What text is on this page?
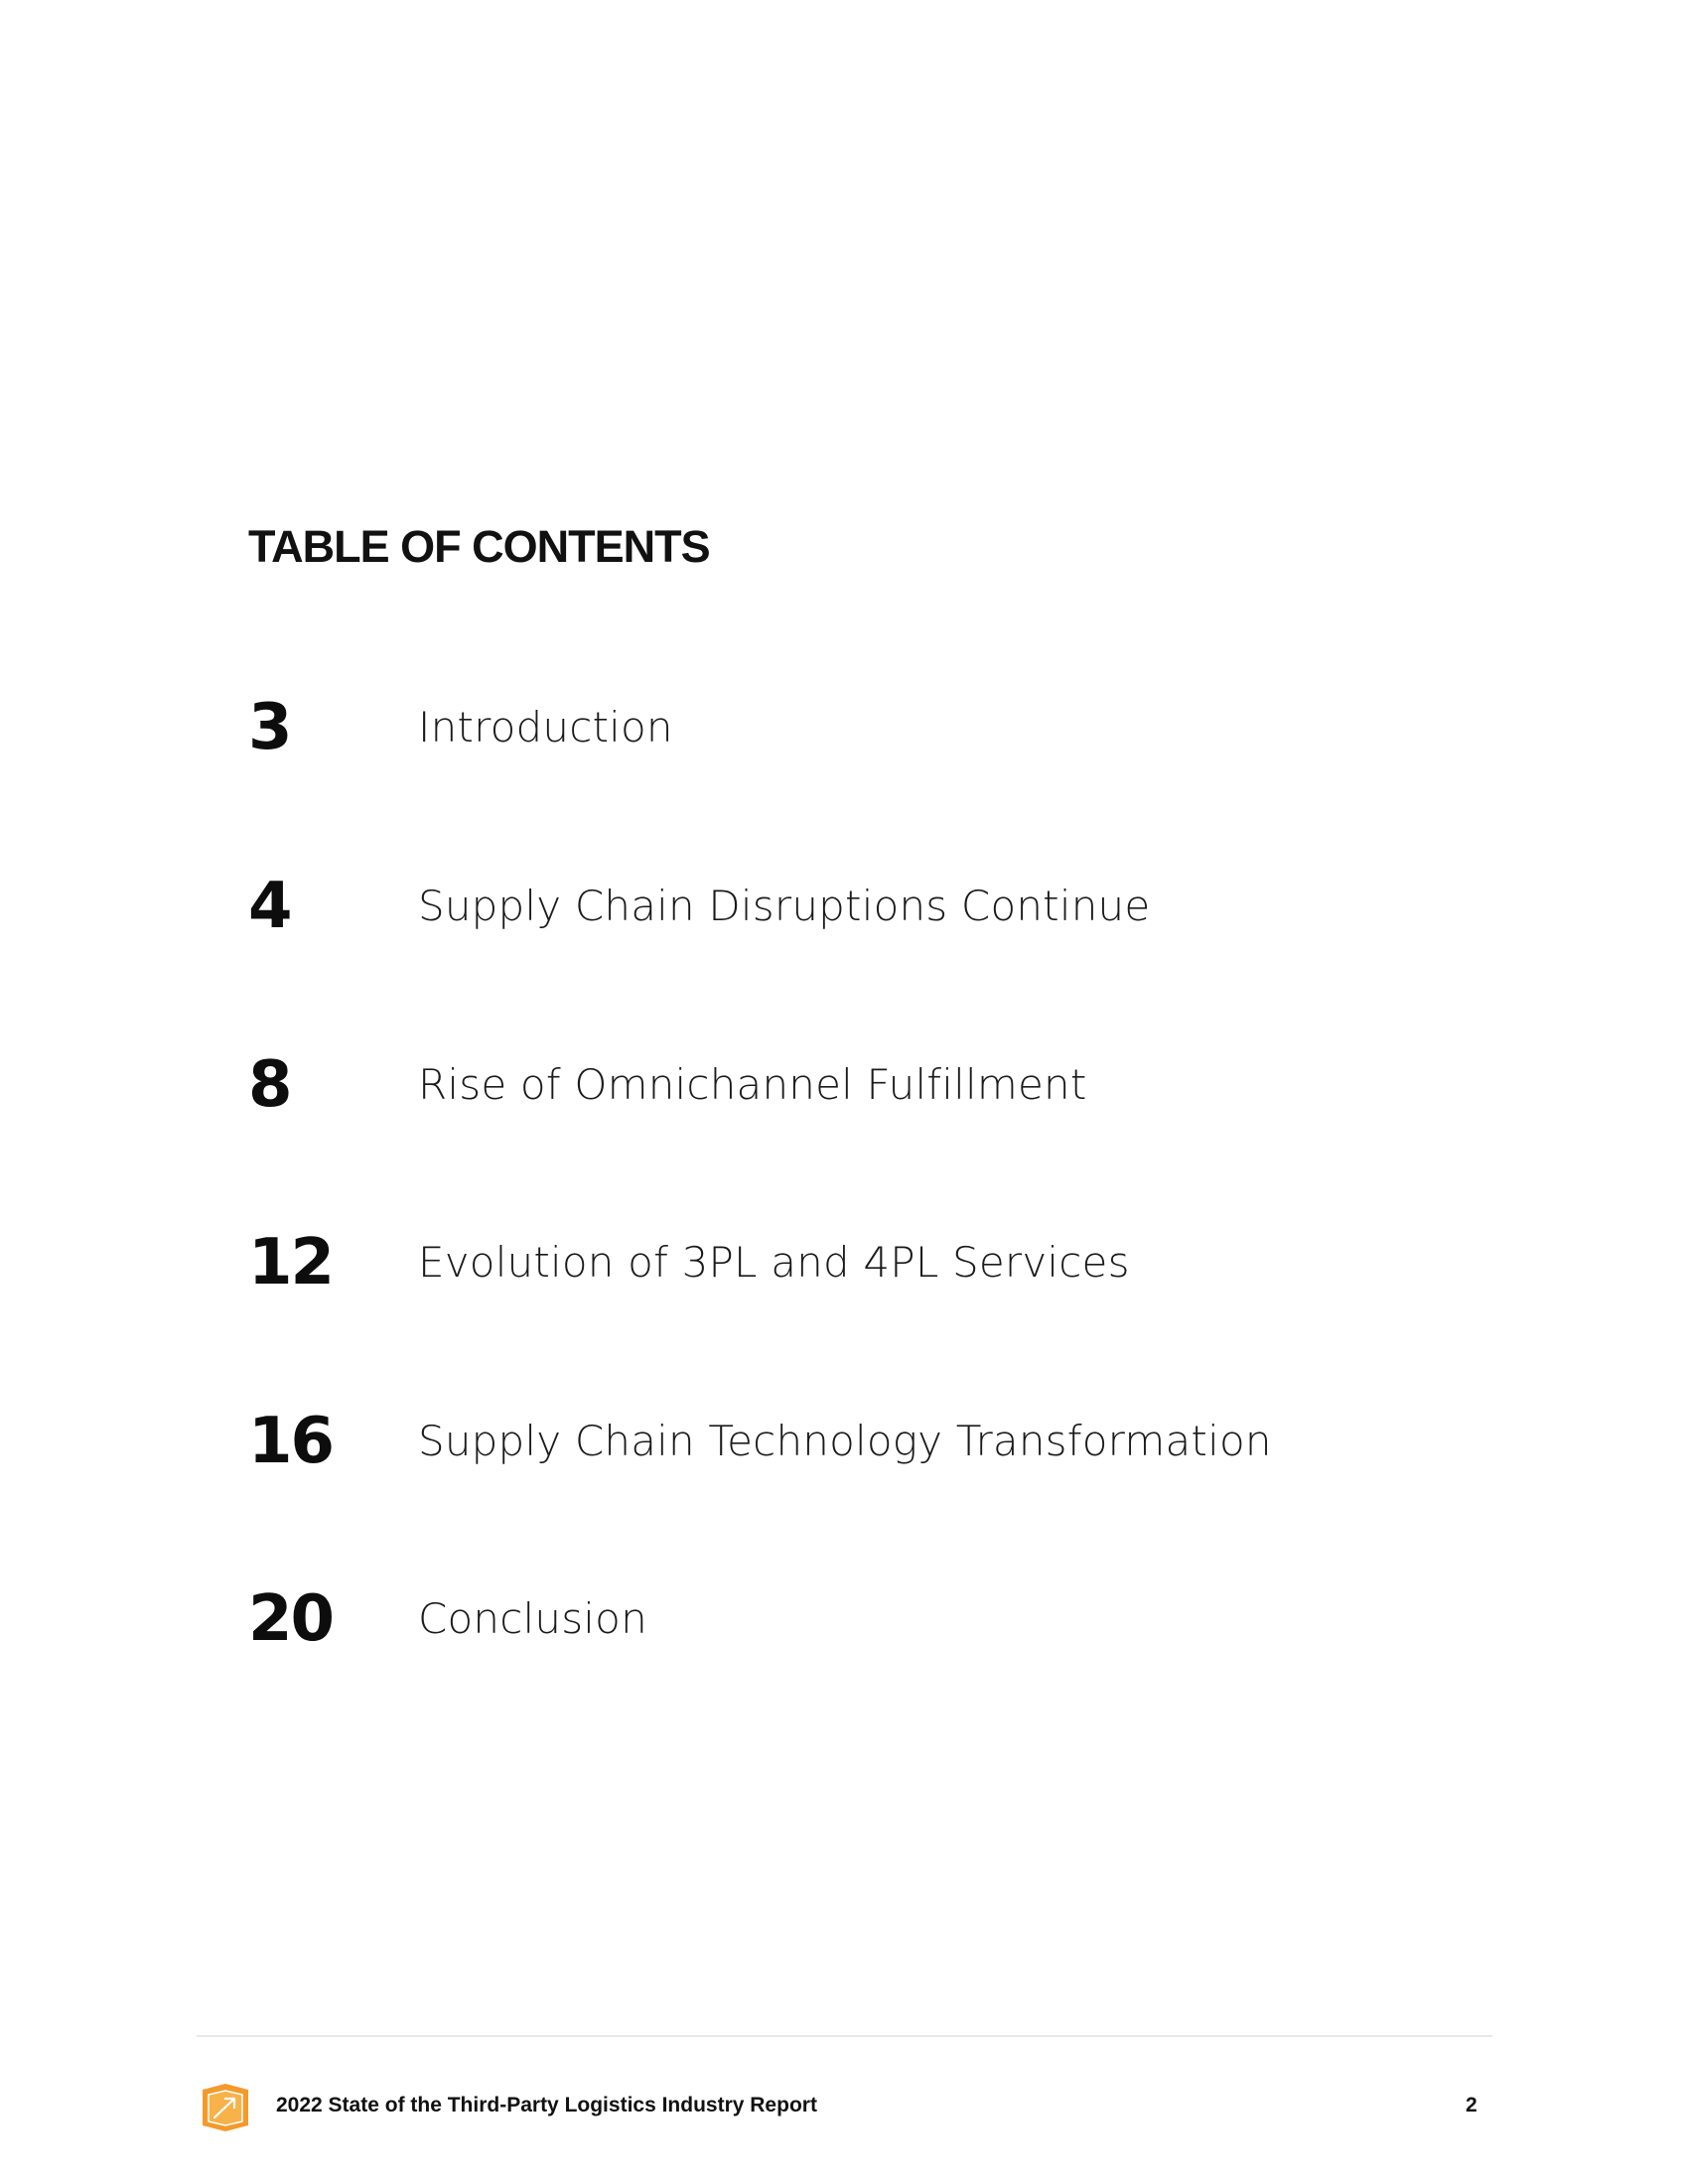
TABLE OF CONTENTS
3	Introduction
4	Supply Chain Disruptions Continue
8	Rise of Omnichannel Fulfillment
12 Evolution of 3PL and 4PL Services
16 Supply Chain Technology Transformation
20 Conclusion
2022 State of the Third-Party Logistics Industry Report	2
